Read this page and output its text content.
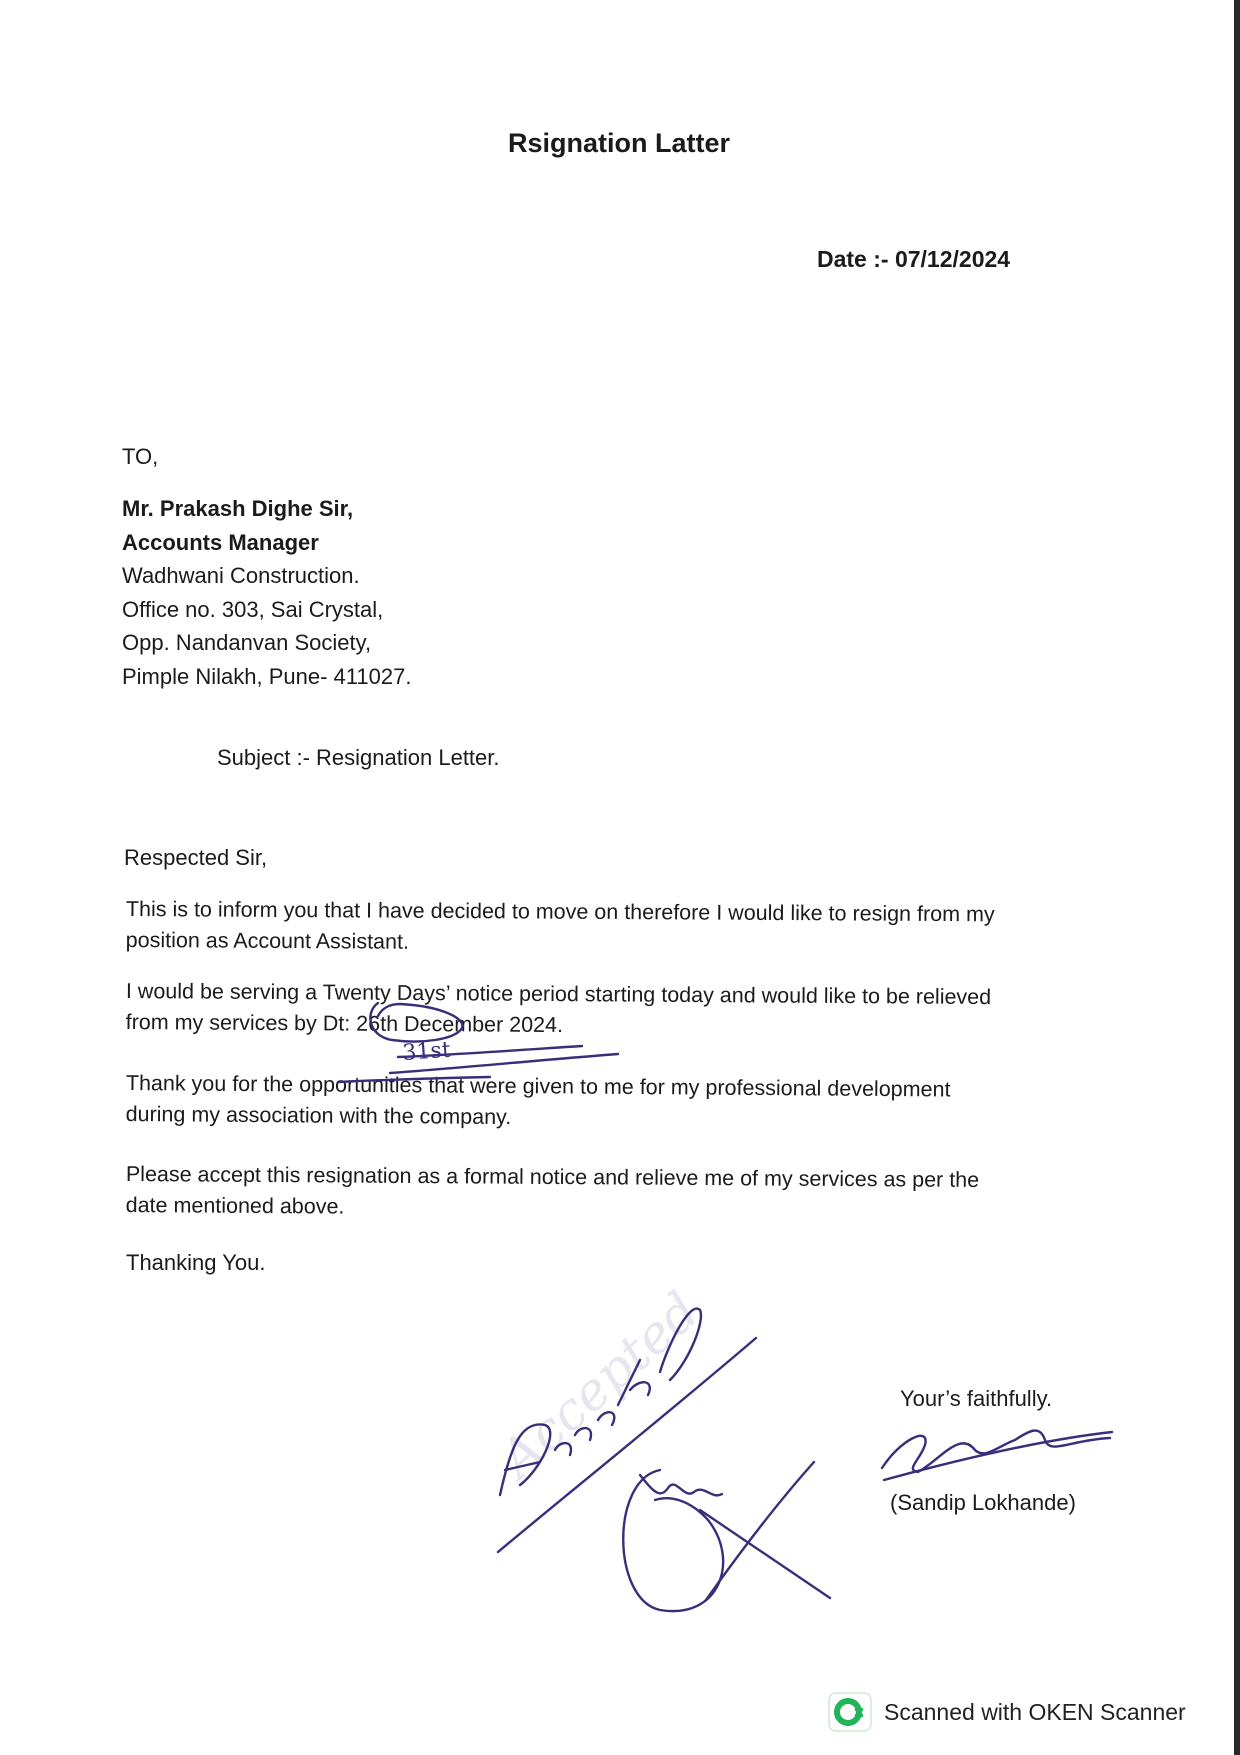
Rsignation Latter
Date :- 07/12/2024
TO,
Mr. Prakash Dighe Sir,
Accounts Manager
Wadhwani Construction.
Office no. 303, Sai Crystal,
Opp. Nandanvan Society,
Pimple Nilakh, Pune- 411027.
Subject :- Resignation Letter.
Respected Sir,
This is to inform you that I have decided to move on therefore I would like to resign from my
position as Account Assistant.
I would be serving a Twenty Days’ notice period starting today and would like to be relieved
from my services by Dt: 26th December 2024.
Thank you for the opportunities that were given to me for my professional development
during my association with the company.
Please accept this resignation as a formal notice and relieve me of my services as per the
date mentioned above.
Thanking You.
Your’s faithfully.
(Sandip Lokhande)
31st
Accepted
Scanned with OKEN Scanner
